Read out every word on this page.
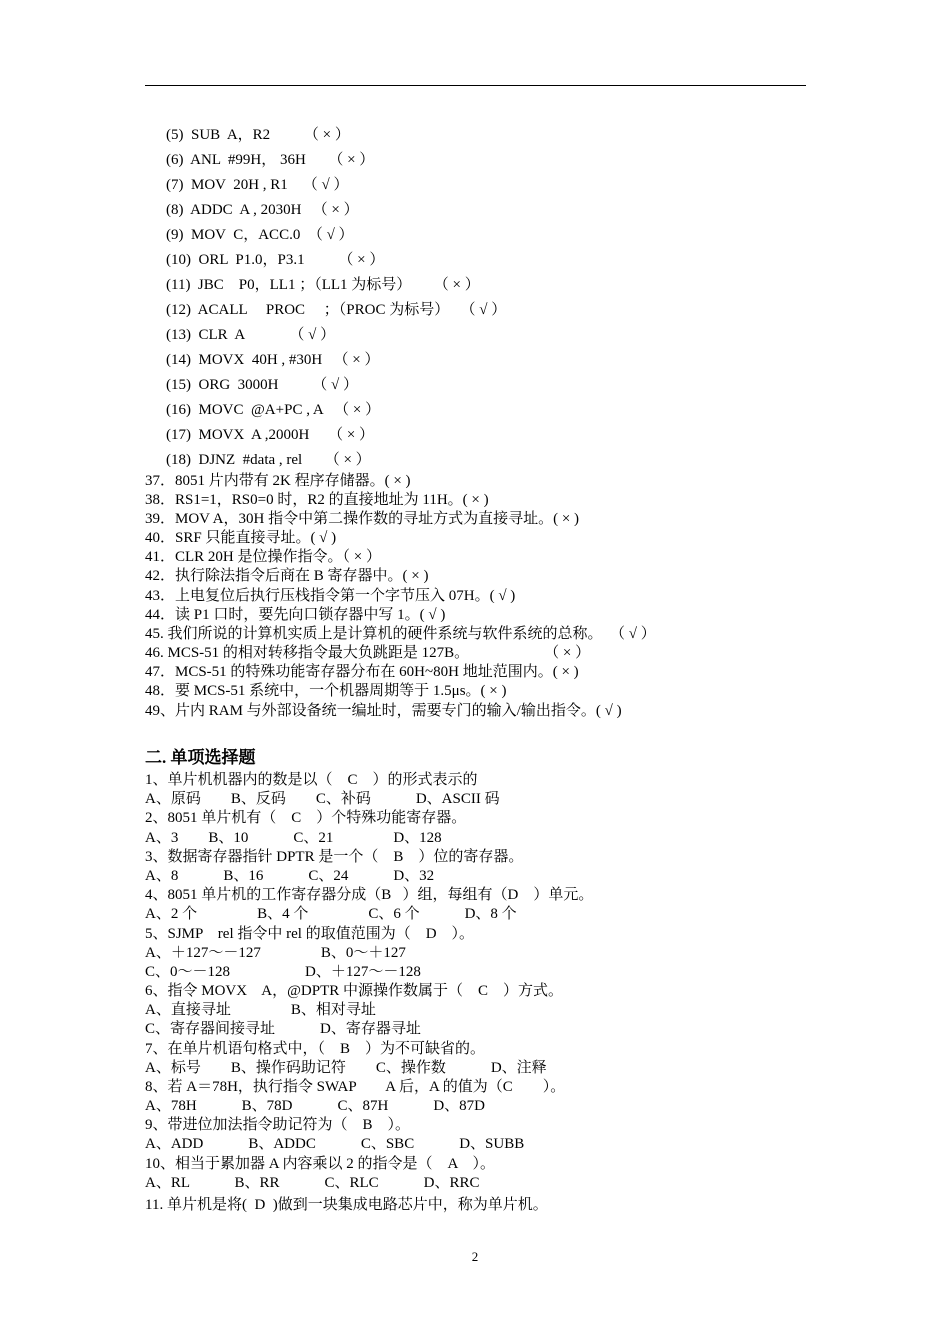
(5)  SUB  A，R2         （ × ）
(6)  ANL  #99H， 36H      （ × ）
(7)  MOV  20H , R1    （ √ ）
(8)  ADDC  A , 2030H   （ × ）
(9)  MOV  C，ACC.0  （ √ ）
(10)  ORL  P1.0，P3.1         （ × ）
(11)  JBC    P0，LL1 ；（LL1 为标号）      （ × ）
(12)  ACALL     PROC     ；（PROC 为标号）   （ √ ）
(13)  CLR  A            （ √ ）
(14)  MOVX  40H , #30H   （ × ）
(15)  ORG  3000H         （ √ ）
(16)  MOVC  @A+PC , A   （ × ）
(17)  MOVX  A ,2000H     （ × ）
(18)  DJNZ  #data , rel      （ × ）
37．8051 片内带有 2K 程序存储器。( × )
38．RS1=1，RS0=0 时，R2 的直接地址为 11H。( × )
39．MOV A，30H 指令中第二操作数的寻址方式为直接寻址。( × )
40．SRF 只能直接寻址。( √ )
41．CLR 20H 是位操作指令。（ × ）
42．执行除法指令后商在 B 寄存器中。( × )
43．上电复位后执行压栈指令第一个字节压入 07H。( √ )
44．读 P1 口时，要先向口锁存器中写 1。( √ )
45. 我们所说的计算机实质上是计算机的硬件系统与软件系统的总称。  （ √ ）
46. MCS-51 的相对转移指令最大负跳距是 127B。                    （ × ）
47．MCS-51 的特殊功能寄存器分布在 60H~80H 地址范围内。( × )
48．要 MCS-51 系统中，一个机器周期等于 1.5μs。( × )
49、片内 RAM 与外部设备统一编址时，需要专门的输入/输出指令。( √ )
二. 单项选择题
1、单片机机器内的数是以（    C    ）的形式表示的
A、原码        B、反码        C、补码            D、ASCII 码
2、8051 单片机有（    C    ）个特殊功能寄存器。
A、3        B、10            C、21                D、128
3、数据寄存器指针 DPTR 是一个（    B    ）位的寄存器。
A、8            B、16            C、24            D、32
4、8051 单片机的工作寄存器分成（B   ）组，每组有（D    ）单元。
A、2 个                B、4 个                C、6 个            D、8 个
5、SJMP    rel 指令中 rel 的取值范围为（    D    ）。
A、＋127～－127                B、0～＋127
C、0～－128                    D、＋127～－128
6、指令 MOVX    A，@DPTR 中源操作数属于（    C    ）方式。
A、直接寻址                B、相对寻址
C、寄存器间接寻址            D、寄存器寻址
7、在单片机语句格式中，（    B    ）为不可缺省的。
A、标号        B、操作码助记符        C、操作数            D、注释
8、若 A＝78H，执行指令 SWAP        A 后，A 的值为（C        ）。
A、78H            B、78D            C、87H            D、87D
9、带进位加法指令助记符为（    B    ）。
A、ADD            B、ADDC            C、SBC            D、SUBB
10、相当于累加器 A 内容乘以 2 的指令是（    A    ）。
A、RL            B、RR            C、RLC            D、RRC
11. 单片机是将(  D  )做到一块集成电路芯片中，称为单片机。
2
